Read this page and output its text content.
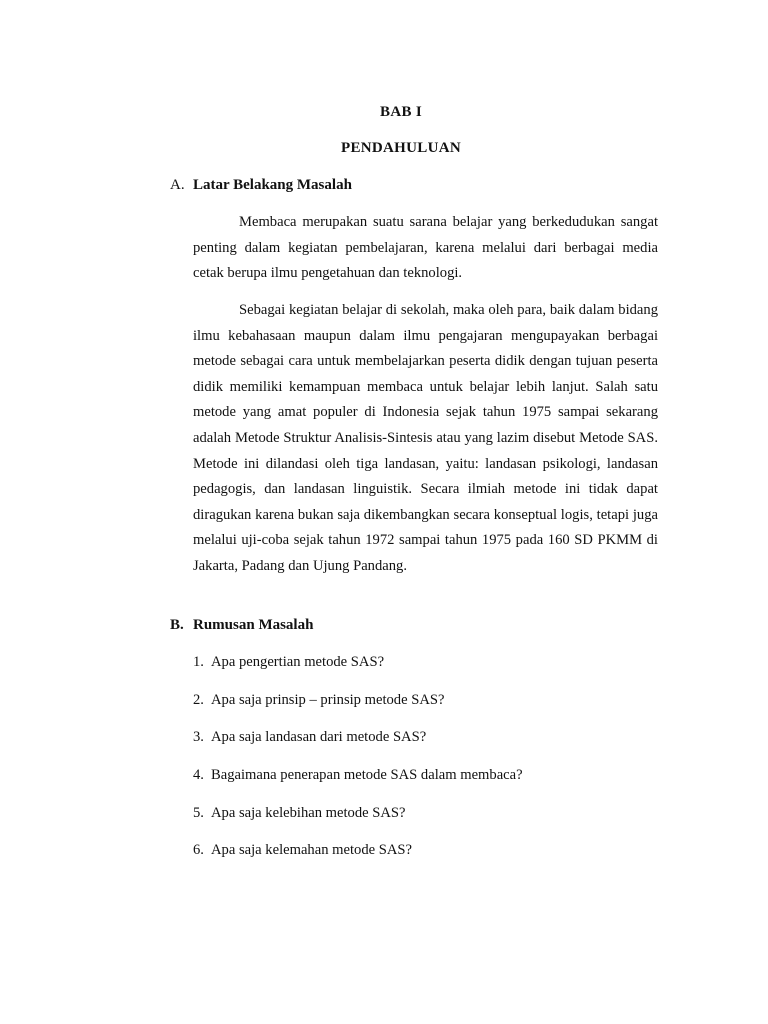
BAB I
PENDAHULUAN
A. Latar Belakang Masalah

Membaca merupakan suatu sarana belajar yang berkedudukan sangat penting dalam kegiatan pembelajaran, karena melalui dari berbagai media cetak berupa ilmu pengetahuan dan teknologi.

Sebagai kegiatan belajar di sekolah, maka oleh para, baik dalam bidang ilmu kebahasaan maupun dalam ilmu pengajaran mengupayakan berbagai metode sebagai cara untuk membelajarkan peserta didik dengan tujuan peserta didik memiliki kemampuan membaca untuk belajar lebih lanjut. Salah satu metode yang amat populer di Indonesia sejak tahun 1975 sampai sekarang adalah Metode Struktur Analisis-Sintesis atau yang lazim disebut Metode SAS. Metode ini dilandasi oleh tiga landasan, yaitu: landasan psikologi, landasan pedagogis, dan landasan linguistik. Secara ilmiah metode ini tidak dapat diragukan karena bukan saja dikembangkan secara konseptual logis, tetapi juga melalui uji-coba sejak tahun 1972 sampai tahun 1975 pada 160 SD PKMM di Jakarta, Padang dan Ujung Pandang.

B. Rumusan Masalah
1. Apa pengertian metode SAS?
2. Apa saja prinsip – prinsip metode SAS?
3. Apa saja landasan dari metode SAS?
4. Bagaimana penerapan metode SAS dalam membaca?
5. Apa saja kelebihan metode SAS?
6. Apa saja kelemahan metode SAS?
